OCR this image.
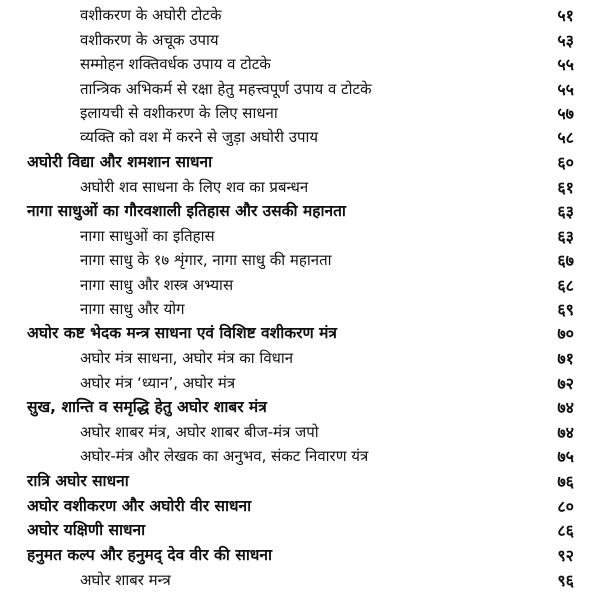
वशीकरण के अघोरी टोटके	५१
वशीकरण के अचूक उपाय	५३
सम्मोहन शक्तिवर्धक उपाय व टोटके	५५
तान्त्रिक अभिकर्म से रक्षा हेतु महत्त्वपूर्ण उपाय व टोटके	५५
इलायची से वशीकरण के लिए साधना	५७
व्यक्ति को वश में करने से जुड़ा अघोरी उपाय	५८
अघोरी विद्या और शमशान साधना	६०
अघोरी शव साधना के लिए शव का प्रबन्धन	६१
नागा साधुओं का गौरवशाली इतिहास और उसकी महानता	६३
नागा साधुओं का इतिहास	६३
नागा साधु के १७ शृंगार, नागा साधु की महानता	६७
नागा साधु और शस्त्र अभ्यास	६८
नागा साधु और योग	६९
अघोर कष्ट भेदक मन्त्र साधना एवं विशिष्ट वशीकरण मंत्र	७०
अघोर मंत्र साधना, अघोर मंत्र का विधान	७१
अघोर मंत्र ‘ध्यान’, अघोर मंत्र	७२
सुख, शान्ति व समृद्धि हेतु अघोर शाबर मंत्र	७४
अघोर शाबर मंत्र, अघोर शाबर बीज-मंत्र जपो	७४
अघोर-मंत्र और लेखक का अनुभव, संकट निवारण यंत्र	७५
रात्रि अघोर साधना	७६
अघोर वशीकरण और अघोरी वीर साधना	८०
अघोर यक्षिणी साधना	८६
हनुमत कल्प और हनुमद् देव वीर की साधना	९२
अघोर शाबर मन्त्र	९६
